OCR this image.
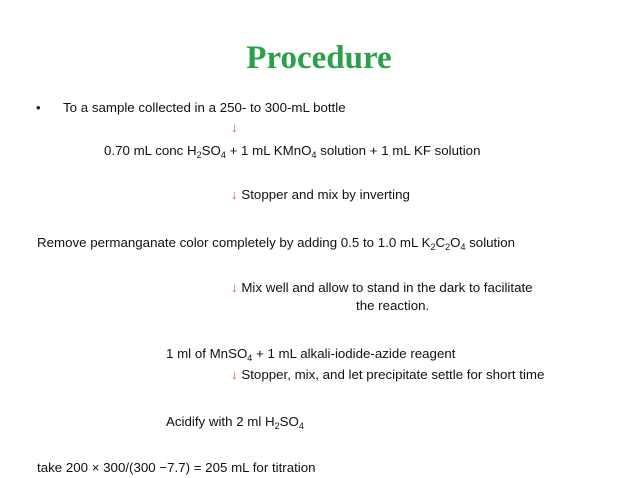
Procedure
• To a sample collected in a 250- to 300-mL bottle
↓
0.70 mL conc $H_2SO_4 + 1$ mL KMnO$_4$ solution + 1 mL KF solution
↓ Stopper and mix by inverting
Remove permanganate color completely by adding 0.5 to 1.0 mL $K_2C_2O_4$ solution
↓ Mix well and allow to stand in the dark to facilitate
the reaction.
1 ml of MnSO$_4$ + 1 mL alkali-iodide-azide reagent
↓ Stopper, mix, and let precipitate settle for short time
Acidify with 2 ml $H_2SO_4$
take 200 × 300/(300 −7.7) = 205 mL for titration
